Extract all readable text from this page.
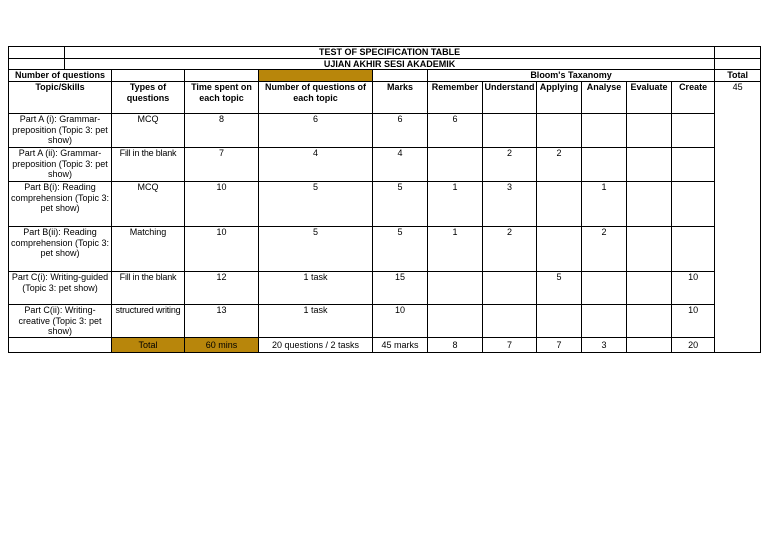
	TEST OF SPECIFICATION TABLE											
	UJIAN AKHIR SESI AKADEMIK											
Number of questions						Bloom's Taxanomy						Total
Topic/Skills		Types of questions	Time spent on each topic	Number of questions of each topic	Marks	Remember	Understand	Applying	Analyse	Evaluate	Create	45
Part A (i): Grammar-preposition (Topic 3: pet show)		MCQ	8	6	6	6						
Part A (ii): Grammar-preposition (Topic 3: pet show)		Fill in the blank	7	4	4		2	2				
Part B(i): Reading comprehension (Topic 3: pet show)		MCQ	10	5	5	1	3		1			
Part B(ii): Reading comprehension (Topic 3: pet show)		Matching	10	5	5	1	2		2			
Part C(i): Writing-guided (Topic 3: pet show)		Fill in the blank	12	1 task	15			5			10	
Part C(ii): Writing-creative (Topic 3: pet show)		structured writing	13	1 task	10						10	
		Total	60 mins	20 questions / 2 tasks	45 marks	8	7	7	3		20	
